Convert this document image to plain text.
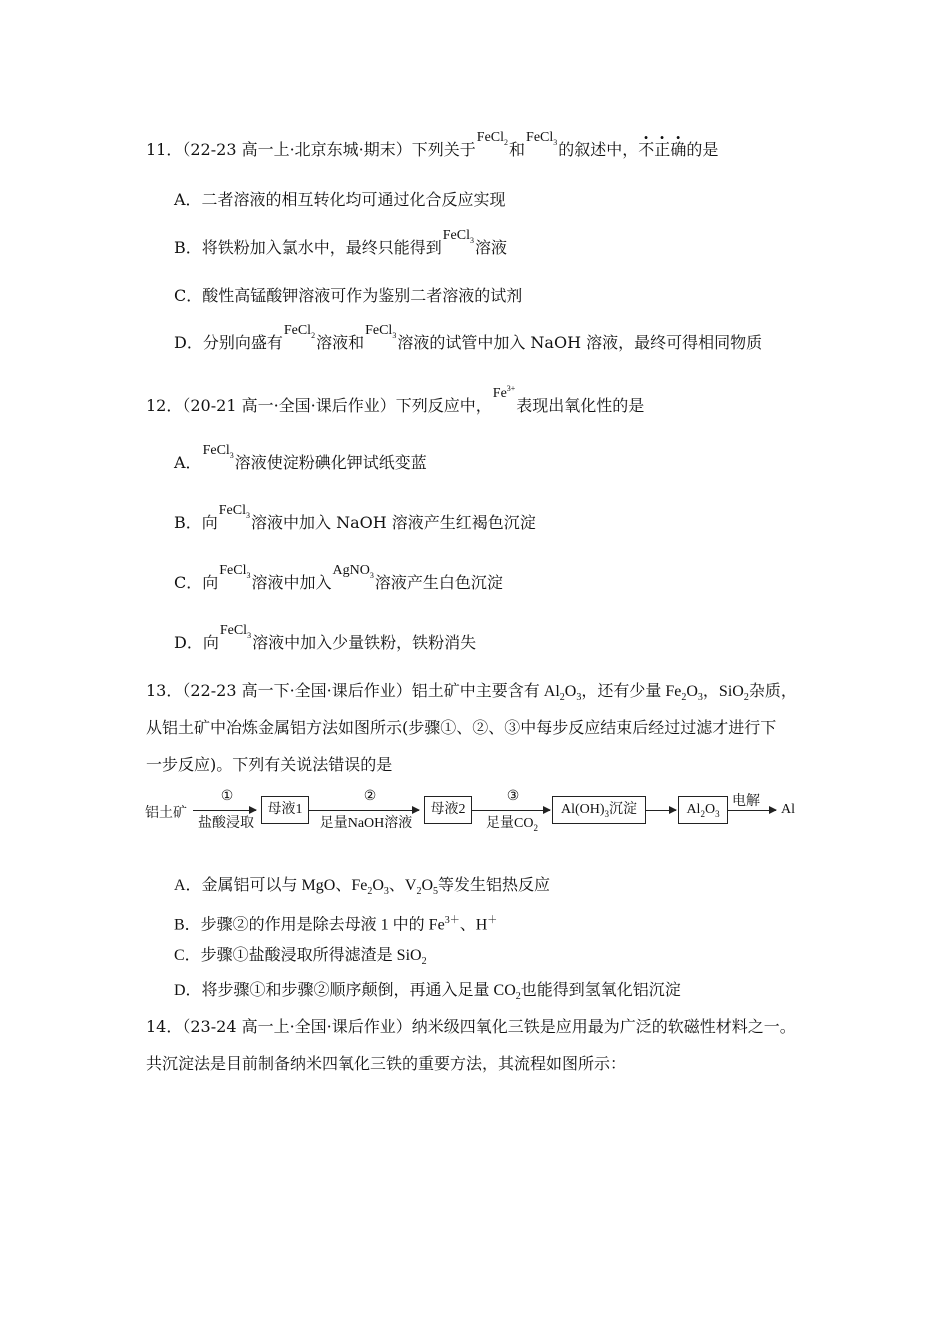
11．（22-23 高一上·北京东城·期末）下列关于FeCl$_2$和FeCl$_3$的叙述中，不正确的是
A．二者溶液的相互转化均可通过化合反应实现
B．将铁粉加入氯水中，最终只能得到FeCl$_3$溶液
C．酸性高锰酸钾溶液可作为鉴别二者溶液的试剂
D．分别向盛有FeCl$_2$溶液和FeCl$_3$溶液的试管中加入 NaOH 溶液，最终可得相同物质
12．（20-21 高一·全国·课后作业）下列反应中，$Fe^{3+}$表现出氧化性的是
A．FeCl$_3$溶液使淀粉碘化钾试纸变蓝
B．向FeCl$_3$溶液中加入 NaOH 溶液产生红褐色沉淀
C．向FeCl$_3$溶液中加入AgNO$_3$溶液产生白色沉淀
D．向FeCl$_3$溶液中加入少量铁粉，铁粉消失
13．（22-23 高一下·全国·课后作业）铝土矿中主要含有 $Al_2O_3$，还有少量 $Fe_2O_3$，SiO$_2$杂质，
从铝土矿中冶炼金属铝方法如图所示(步骤①、②、③中每步反应结束后经过过滤才进行下
一步反应)。下列有关说法错误的是
铝土矿
①
盐酸浸取
母液1
②
足量NaOH溶液
母液2
③
足量$CO_2$
$Al(OH)_3$沉淀	$Al_2O_3$
电解
Al
A．金属铝可以与 MgO、$Fe_2O_3$、$V_2O_5$等发生铝热反应
B．步骤②的作用是除去母液 1 中的 $Fe^{3+}$、H＋
C．步骤①盐酸浸取所得滤渣是 SiO$_2$
D．将步骤①和步骤②顺序颠倒，再通入足量 $CO_2$也能得到氢氧化铝沉淀
14．（23-24 高一上·全国·课后作业）纳米级四氧化三铁是应用最为广泛的软磁性材料之一。
共沉淀法是目前制备纳米四氧化三铁的重要方法，其流程如图所示：
